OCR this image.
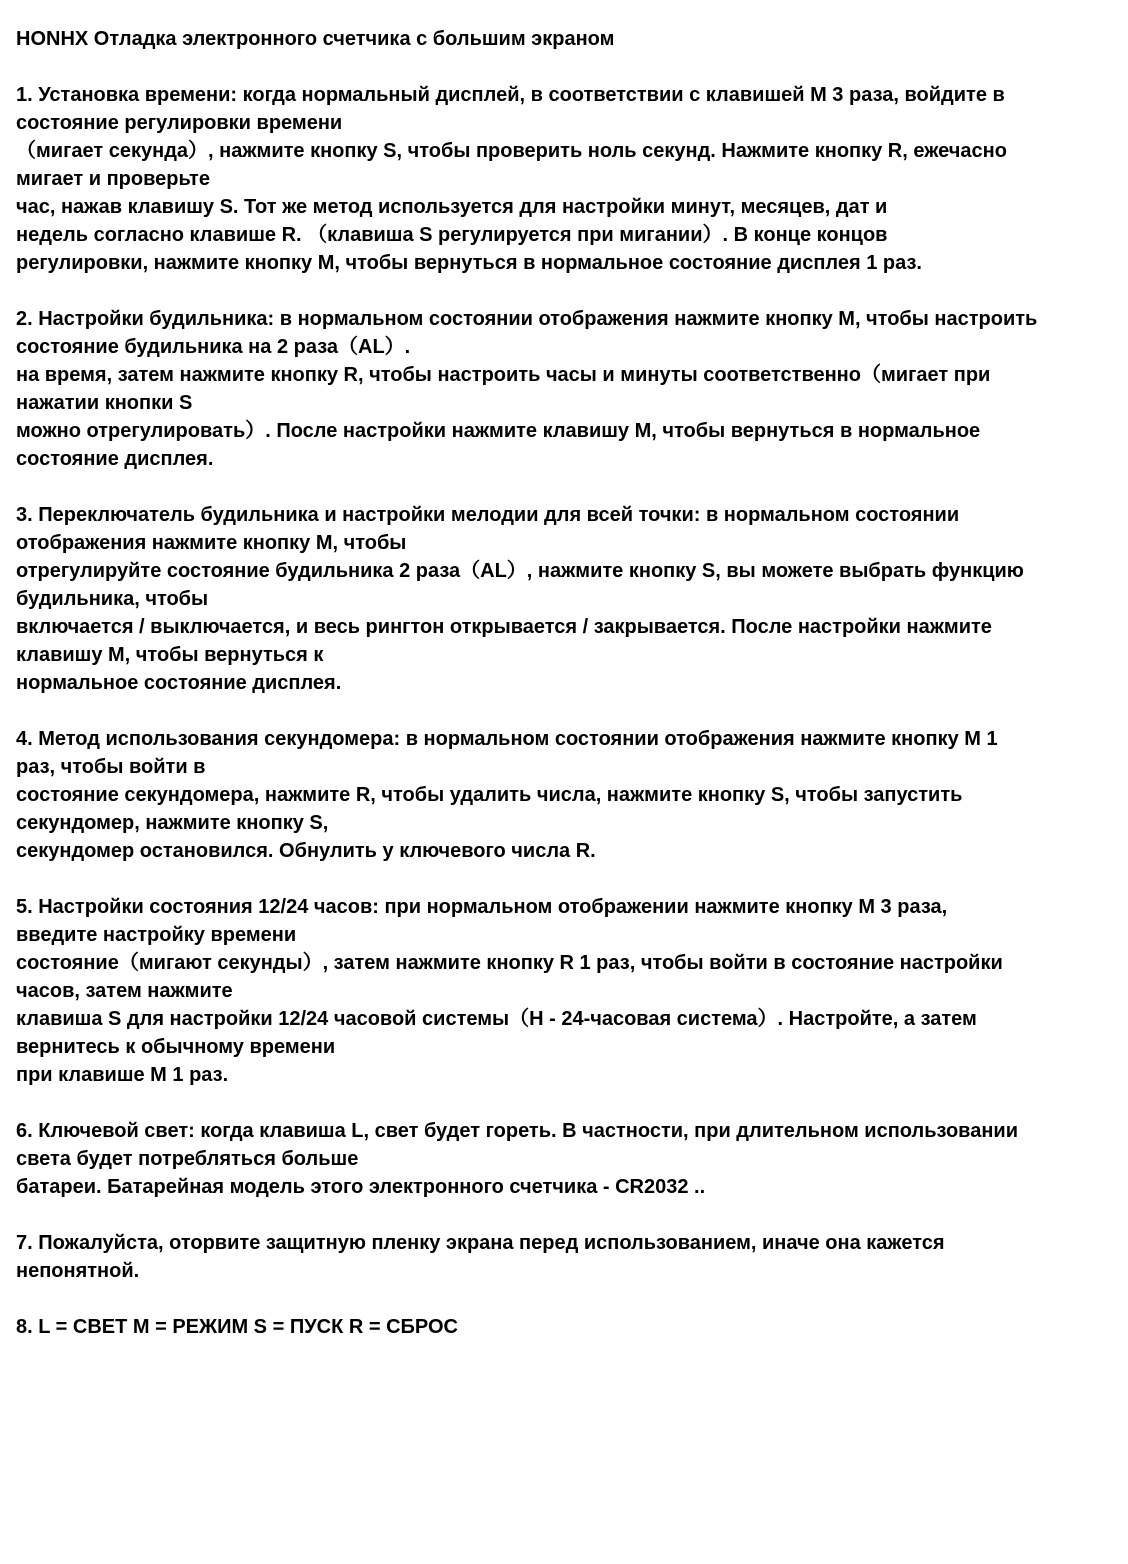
HONHX Отладка электронного счетчика с большим экраном
1. Установка времени: когда нормальный дисплей, в соответствии с клавишей M 3 раза, войдите в
состояние регулировки времени
（мигает секунда）, нажмите кнопку S, чтобы проверить ноль секунд. Нажмите кнопку R, ежечасно
мигает и проверьте
час, нажав клавишу S. Тот же метод используется для настройки минут, месяцев, дат и
недель согласно клавише R. （клавиша S регулируется при мигании）. В конце концов
регулировки, нажмите кнопку M, чтобы вернуться в нормальное состояние дисплея 1 раз.
2. Настройки будильника: в нормальном состоянии отображения нажмите кнопку M, чтобы настроить
состояние будильника на 2 раза（AL）.
на время, затем нажмите кнопку R, чтобы настроить часы и минуты соответственно（мигает при
нажатии кнопки S
можно отрегулировать）. После настройки нажмите клавишу M, чтобы вернуться в нормальное
состояние дисплея.
3. Переключатель будильника и настройки мелодии для всей точки: в нормальном состоянии
отображения нажмите кнопку M, чтобы
отрегулируйте состояние будильника 2 раза（AL）, нажмите кнопку S, вы можете выбрать функцию
будильника, чтобы
включается / выключается, и весь рингтон открывается / закрывается. После настройки нажмите
клавишу M, чтобы вернуться к
нормальное состояние дисплея.
4. Метод использования секундомера: в нормальном состоянии отображения нажмите кнопку M 1
раз, чтобы войти в
состояние секундомера, нажмите R, чтобы удалить числа, нажмите кнопку S, чтобы запустить
секундомер, нажмите кнопку S,
секундомер остановился. Обнулить у ключевого числа R.
5. Настройки состояния 12/24 часов: при нормальном отображении нажмите кнопку M 3 раза,
введите настройку времени
состояние（мигают секунды）, затем нажмите кнопку R 1 раз, чтобы войти в состояние настройки
часов, затем нажмите
клавиша S для настройки 12/24 часовой системы（H - 24-часовая система）. Настройте, а затем
вернитесь к обычному времени
при клавише M 1 раз.
6. Ключевой свет: когда клавиша L, свет будет гореть. В частности, при длительном использовании
света будет потребляться больше
батареи. Батарейная модель этого электронного счетчика - CR2032 ..
7. Пожалуйста, оторвите защитную пленку экрана перед использованием, иначе она кажется
непонятной.
8. L = СВЕТ M = РЕЖИМ S = ПУСК R = СБРОС
